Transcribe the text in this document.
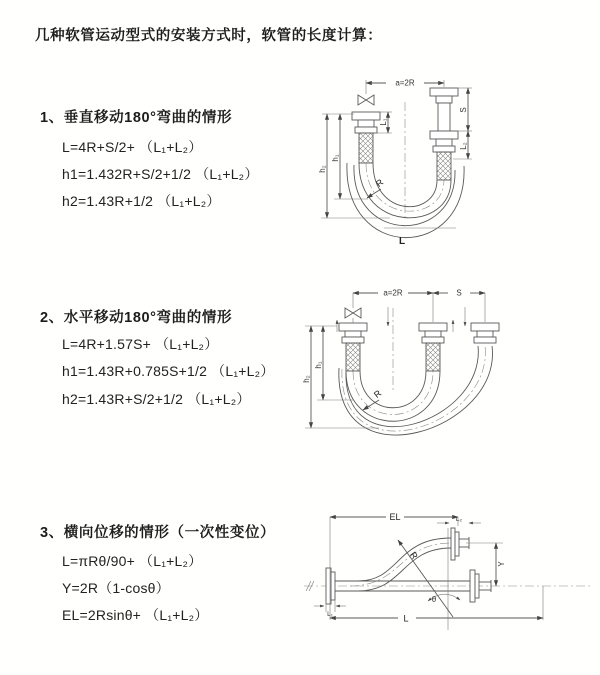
几种软管运动型式的安装方式时，软管的长度计算：
1、垂直移动180°弯曲的情形
L=4R+S/2+ （L₁+L₂）
h1=1.432R+S/2+1/2 （L₁+L₂）
h2=1.43R+1/2 （L₁+L₂）
a=2R
L₁
S
L₂
h₁
h₂
R
L
2、水平移动180°弯曲的情形
L=4R+1.57S+ （L₁+L₂）
h1=1.43R+0.785S+1/2 （L₁+L₂）
h2=1.43R+S/2+1/2 （L₁+L₂）
a=2R	S
h₁
h₂
R
3、横向位移的情形（一次性变位）
L=πRθ/90+ （L₁+L₂）
Y=2R（1-cosθ）
EL=2Rsinθ+ （L₁+L₂）
EL	L₂
Y
θ
R
L
L₁
